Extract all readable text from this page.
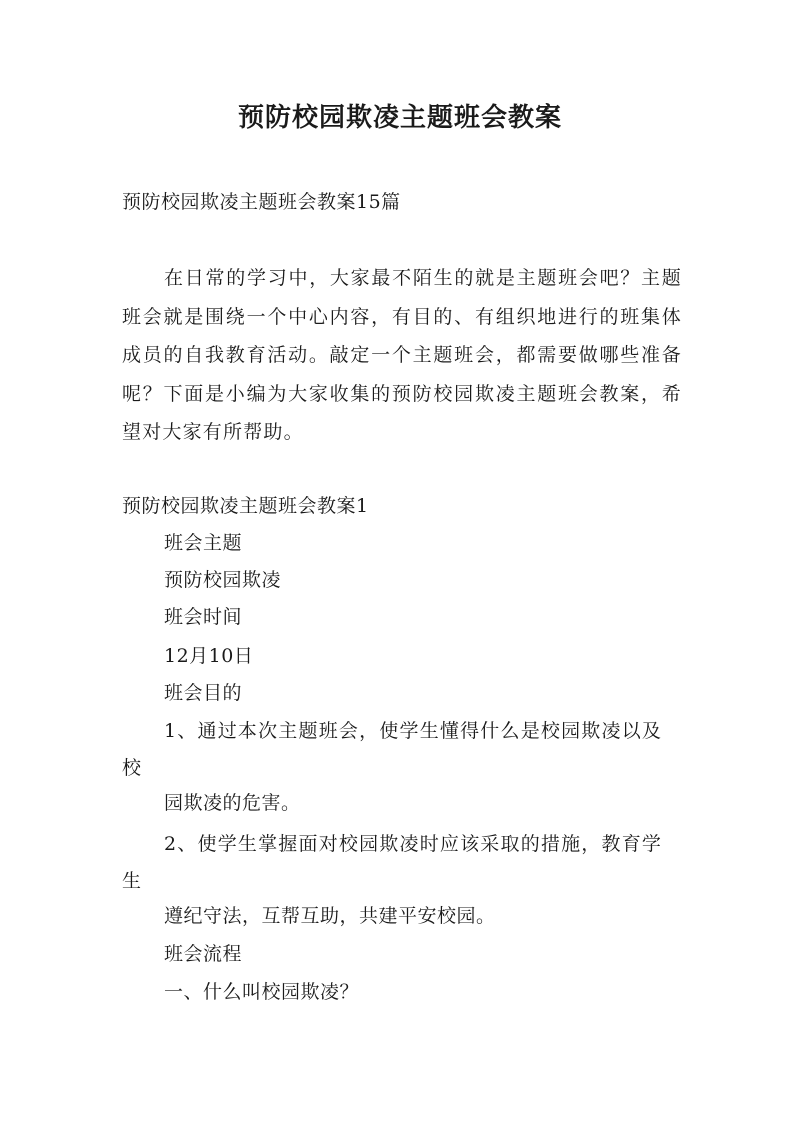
预防校园欺凌主题班会教案
预防校园欺凌主题班会教案15篇
在日常的学习中，大家最不陌生的就是主题班会吧？主题班会就是围绕一个中心内容，有目的、有组织地进行的班集体成员的自我教育活动。敲定一个主题班会，都需要做哪些准备呢？下面是小编为大家收集的预防校园欺凌主题班会教案，希望对大家有所帮助。
预防校园欺凌主题班会教案1
班会主题
预防校园欺凌
班会时间
12月10日
班会目的
1、通过本次主题班会，使学生懂得什么是校园欺凌以及校
园欺凌的危害。
2、使学生掌握面对校园欺凌时应该采取的措施，教育学生
遵纪守法，互帮互助，共建平安校园。
班会流程
一、什么叫校园欺凌？
